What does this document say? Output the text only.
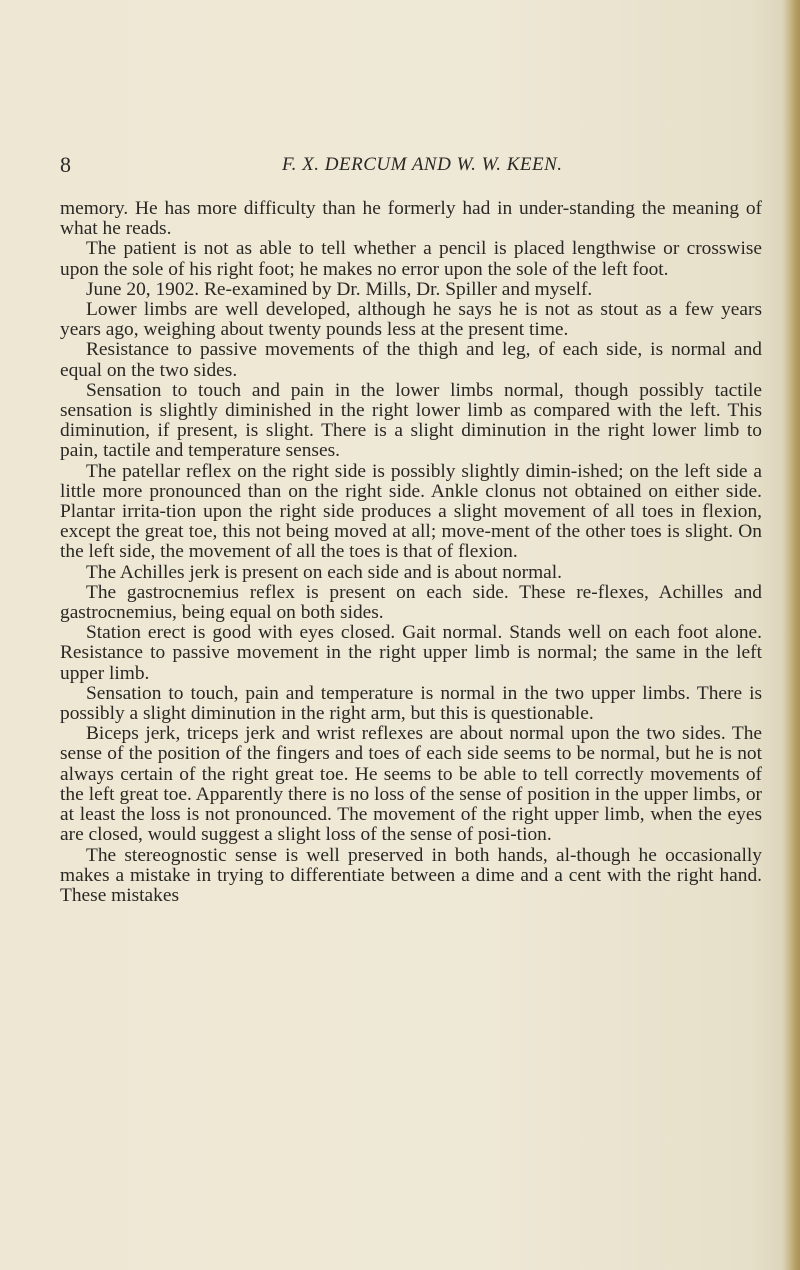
8	F. X. DERCUM AND W. W. KEEN.

memory. He has more difficulty than he formerly had in under-standing the meaning of what he reads.

The patient is not as able to tell whether a pencil is placed lengthwise or crosswise upon the sole of his right foot; he makes no error upon the sole of the left foot.

June 20, 1902. Re-examined by Dr. Mills, Dr. Spiller and myself.

Lower limbs are well developed, although he says he is not as stout as a few years years ago, weighing about twenty pounds less at the present time.

Resistance to passive movements of the thigh and leg, of each side, is normal and equal on the two sides.

Sensation to touch and pain in the lower limbs normal, though possibly tactile sensation is slightly diminished in the right lower limb as compared with the left. This diminution, if present, is slight. There is a slight diminution in the right lower limb to pain, tactile and temperature senses.

The patellar reflex on the right side is possibly slightly dimin-ished; on the left side a little more pronounced than on the right side. Ankle clonus not obtained on either side. Plantar irrita-tion upon the right side produces a slight movement of all toes in flexion, except the great toe, this not being moved at all; move-ment of the other toes is slight. On the left side, the movement of all the toes is that of flexion.

The Achilles jerk is present on each side and is about normal.

The gastrocnemius reflex is present on each side. These re-flexes, Achilles and gastrocnemius, being equal on both sides.

Station erect is good with eyes closed. Gait normal. Stands well on each foot alone. Resistance to passive movement in the right upper limb is normal; the same in the left upper limb.

Sensation to touch, pain and temperature is normal in the two upper limbs. There is possibly a slight diminution in the right arm, but this is questionable.

Biceps jerk, triceps jerk and wrist reflexes are about normal upon the two sides. The sense of the position of the fingers and toes of each side seems to be normal, but he is not always certain of the right great toe. He seems to be able to tell correctly movements of the left great toe. Apparently there is no loss of the sense of position in the upper limbs, or at least the loss is not pronounced. The movement of the right upper limb, when the eyes are closed, would suggest a slight loss of the sense of posi-tion.

The stereognostic sense is well preserved in both hands, al-though he occasionally makes a mistake in trying to differentiate between a dime and a cent with the right hand. These mistakes
